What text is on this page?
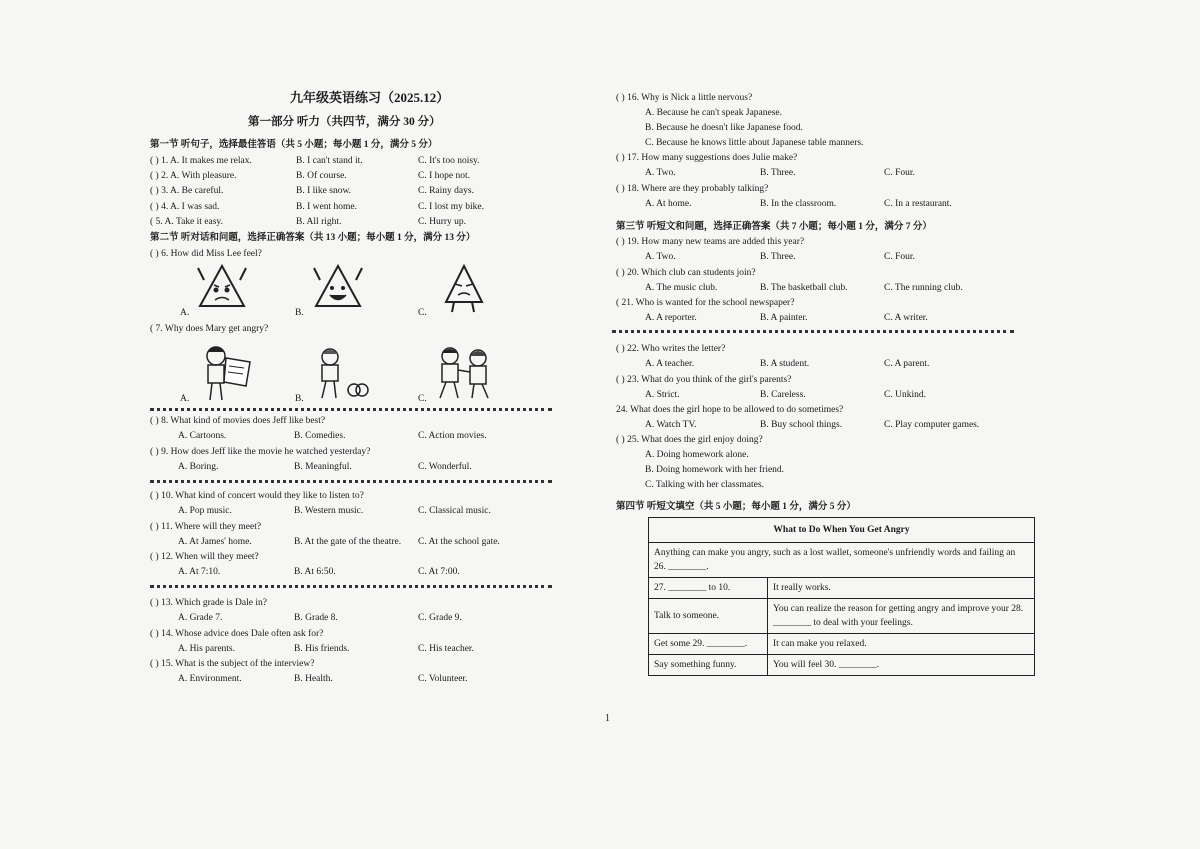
九年级英语练习（2025.12）
第一部分 听力（共四节，满分 30 分）
第一节 听句子，选择最佳答语（共 5 小题；每小题 1 分，满分 5 分）
( ) 1. A. It makes me relax.	B. I can't stand it.	C. It's too noisy.
( ) 2. A. With pleasure.	B. Of course.	C. I hope not.
( ) 3. A. Be careful.	B. I like snow.	C. Rainy days.
( ) 4. A. I was sad.	B. I went home.	C. I lost my bike.
( 5. A. Take it easy.	B. All right.	C. Hurry up.
第二节 听对话和问题，选择正确答案（共 13 小题；每小题 1 分，满分 13 分）
( ) 6. How did Miss Lee feel?
A.	B.	C.
( 7. Why does Mary get angry?
A.	B.	C.
( ) 8. What kind of movies does Jeff like best?
A. Cartoons.	B. Comedies.	C. Action movies.
( ) 9. How does Jeff like the movie he watched yesterday?
A. Boring.	B. Meaningful.	C. Wonderful.
( ) 10. What kind of concert would they like to listen to?
A. Pop music.	B. Western music.	C. Classical music.
( ) 11. Where will they meet?
A. At James' home.	B. At the gate of the theatre. C. At the school gate.
( ) 12. When will they meet?
A. At 7:10.	B. At 6:50.	C. At 7:00.
( ) 13. Which grade is Dale in?
A. Grade 7.	B. Grade 8.	C. Grade 9.
( ) 14. Whose advice does Dale often ask for?
A. His parents.	B. His friends.	C. His teacher.
( ) 15. What is the subject of the interview?
A. Environment.	B. Health.	C. Volunteer.
( ) 16. Why is Nick a little nervous?
A. Because he can't speak Japanese.
B. Because he doesn't like Japanese food.
C. Because he knows little about Japanese table manners.
( ) 17. How many suggestions does Julie make?
A. Two.	B. Three.	C. Four.
( ) 18. Where are they probably talking?
A. At home.	B. In the classroom.	C. In a restaurant.
第三节 听短文和问题，选择正确答案（共 7 小题；每小题 1 分，满分 7 分）
( ) 19. How many new teams are added this year?
A. Two.	B. Three.	C. Four.
( ) 20. Which club can students join?
A. The music club.	B. The basketball club.	C. The running club.
( 21. Who is wanted for the school newspaper?
A. A reporter.	B. A painter.	C. A writer.
( ) 22. Who writes the letter?
A. A teacher.	B. A student.	C. A parent.
( ) 23. What do you think of the girl's parents?
A. Strict.	B. Careless.	C. Unkind.
24. What does the girl hope to be allowed to do sometimes?
A. Watch TV.	B. Buy school things.	C. Play computer games.
( ) 25. What does the girl enjoy doing?
A. Doing homework alone.
B. Doing homework with her friend.
C. Talking with her classmates.
第四节 听短文填空（共 5 小题；每小题 1 分，满分 5 分）
What to Do When You Get Angry	
Anything can make you angry, such as a lost wallet, someone's unfriendly words and failing an 26. ________.	
27. ________ to 10.	It really works.
Talk to someone.	You can realize the reason for getting angry and improve your 28. ________ to deal with your feelings.
Get some 29. ________.	It can make you relaxed.
Say something funny.	You will feel 30. ________.
1
